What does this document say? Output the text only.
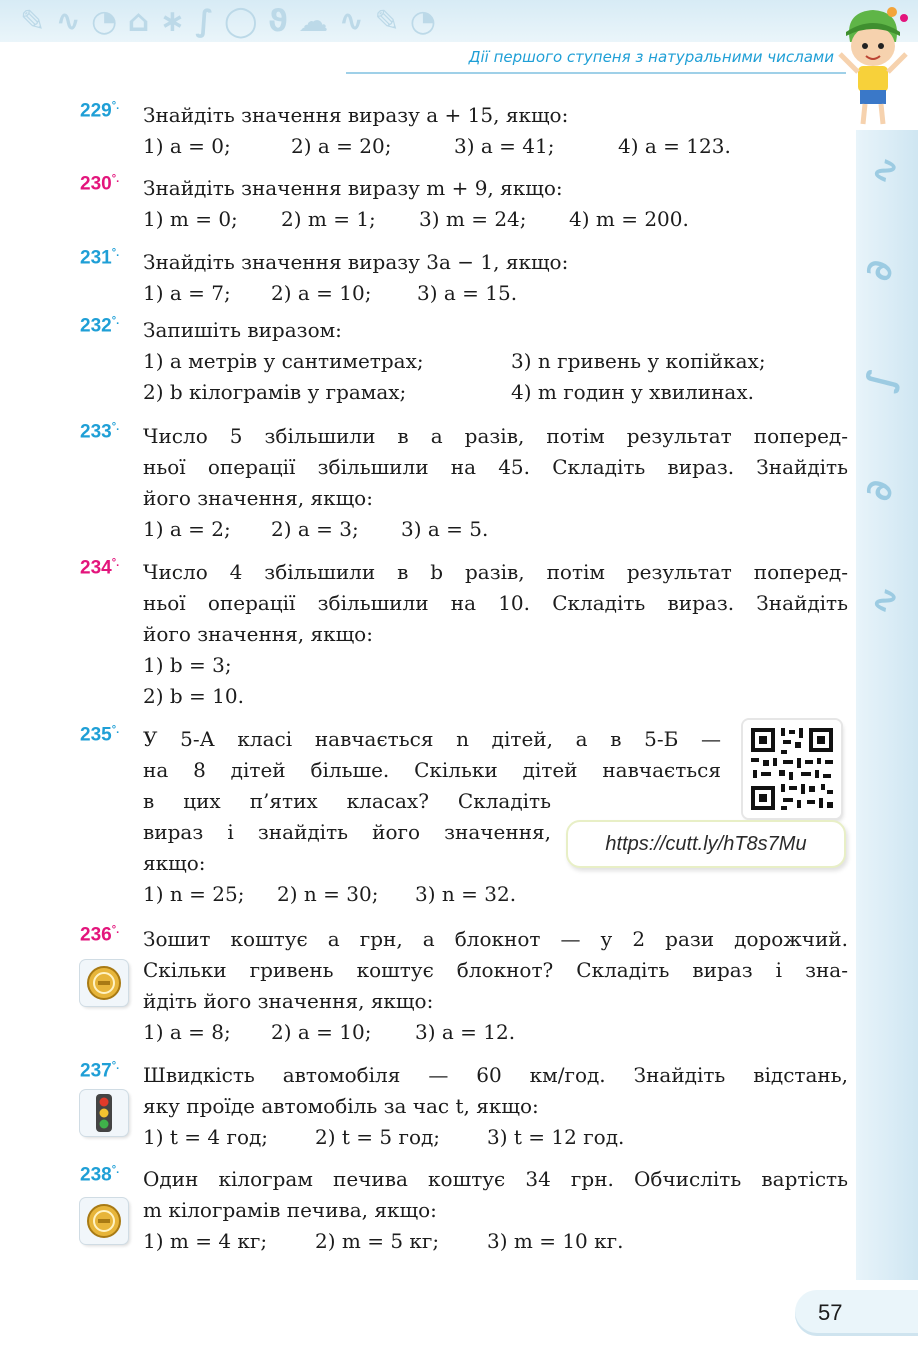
✎ ∿ ◔ ⌂ ∗ ∫ ◯ ϑ ☁ ∿ ✎ ◔
Дії першого ступеня з натуральними числами
∿
∂
∫
∂
∿
229°. Знайдіть значення виразу a + 15, якщо:
1) a = 0;	2) a = 20;	3) a = 41;	4) a = 123.
230°. Знайдіть значення виразу m + 9, якщо:
1) m = 0;	2) m = 1;	3) m = 24;	4) m = 200.
231°. Знайдіть значення виразу 3a − 1, якщо:
1) a = 7;	2) a = 10;	3) a = 15.
232°. Запишіть виразом:
1) a метрів у сантиметрах;	3) n гривень у копійках;
2) b кілограмів у грамах;	4) m годин у хвилинах.
233°. Число 5 збільшили в a разів, потім результат поперед-
ньої операції збільшили на 45. Складіть вираз. Знайдіть
його значення, якщо:
1) a = 2;	2) a = 3;	3) a = 5.
234°. Число 4 збільшили в b разів, потім результат поперед-
ньої операції збільшили на 10. Складіть вираз. Знайдіть
його значення, якщо:
1) b = 3;
2) b = 10.
235°. У 5-А класі навчається n дітей, а в 5-Б —
на 8 дітей більше. Скільки дітей навчається
в цих п’ятих класах? Складіть
вираз і знайдіть його значення,
якщо:
1) n = 25;	2) n = 30;	3) n = 32.
https://cutt.ly/hT8s7Mu
236°. Зошит коштує a грн, а блокнот — у 2 рази дорожчий.
Скільки гривень коштує блокнот? Складіть вираз і зна-
йдіть його значення, якщо:
1) a = 8;	2) a = 10;	3) a = 12.
237°. Швидкість автомобіля — 60 км/год. Знайдіть відстань,
яку проїде автомобіль за час t, якщо:
1) t = 4 год;	2) t = 5 год;	3) t = 12 год.
238°. Один кілограм печива коштує 34 грн. Обчисліть вартість
m кілограмів печива, якщо:
1) m = 4 кг;	2) m = 5 кг;	3) m = 10 кг.
57
